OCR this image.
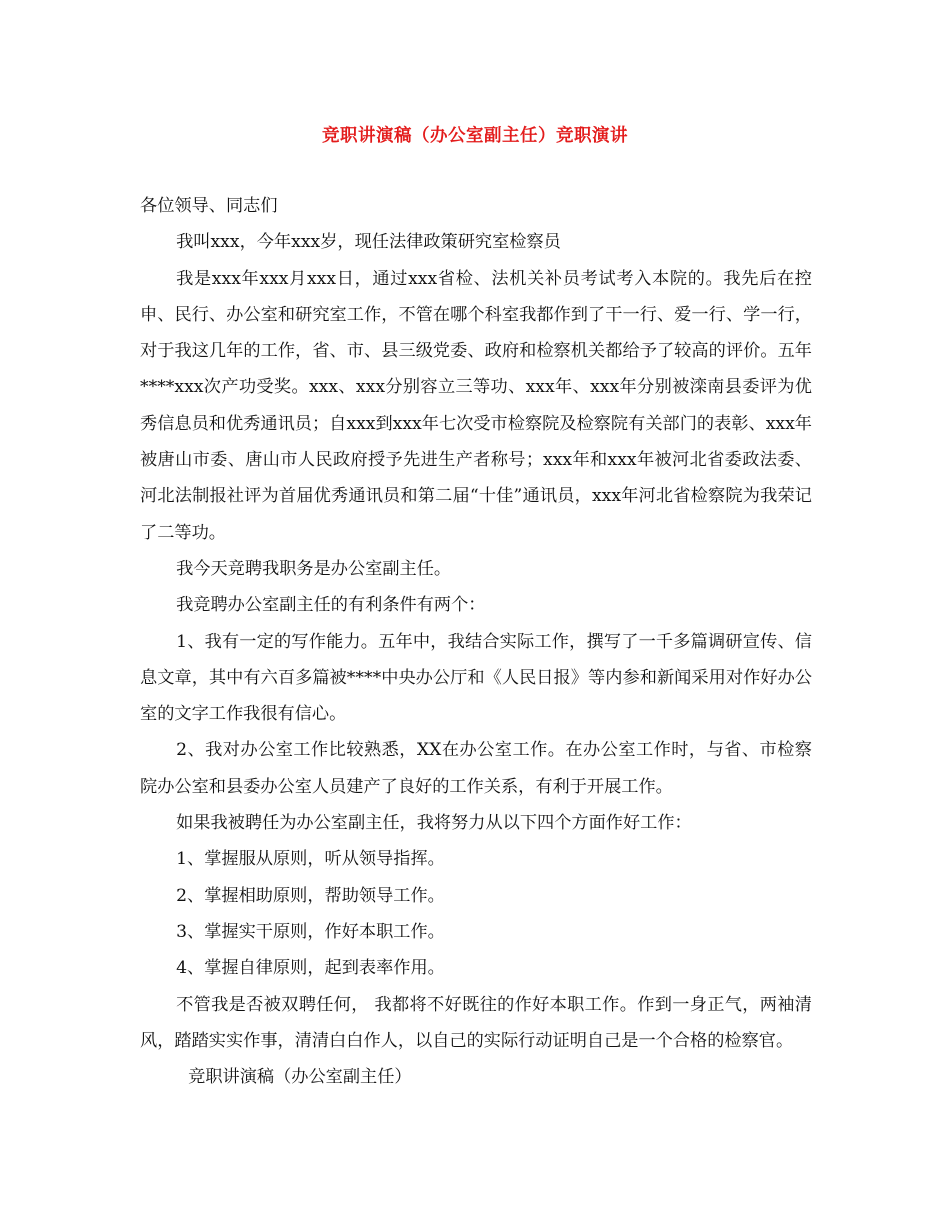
竞职讲演稿（办公室副主任）竞职演讲

各位领导、同志们

我叫xxx，今年xxx岁，现任法律政策研究室检察员

我是xxx年xxx月xxx日，通过xxx省检、法机关补员考试考入本院的。我先后在控申、民行、办公室和研究室工作，不管在哪个科室我都作到了干一行、爱一行、学一行，对于我这几年的工作，省、市、县三级党委、政府和检察机关都给予了较高的评价。五年****xxx次产功受奖。xxx、xxx分别容立三等功、xxx年、xxx年分别被滦南县委评为优秀信息员和优秀通讯员；自xxx到xxx年七次受市检察院及检察院有关部门的表彰、xxx年被唐山市委、唐山市人民政府授予先进生产者称号；xxx年和xxx年被河北省委政法委、河北法制报社评为首届优秀通讯员和第二届“十佳”通讯员，xxx年河北省检察院为我荣记了二等功。

我今天竞聘我职务是办公室副主任。

我竞聘办公室副主任的有利条件有两个：

1、我有一定的写作能力。五年中，我结合实际工作，撰写了一千多篇调研宣传、信息文章，其中有六百多篇被****中央办公厅和《人民日报》等内参和新闻采用对作好办公室的文字工作我很有信心。

2、我对办公室工作比较熟悉，XX在办公室工作。在办公室工作时，与省、市检察院办公室和县委办公室人员建产了良好的工作关系，有利于开展工作。

如果我被聘任为办公室副主任，我将努力从以下四个方面作好工作：

1、掌握服从原则，听从领导指挥。

2、掌握相助原则，帮助领导工作。

3、掌握实干原则，作好本职工作。

4、掌握自律原则，起到表率作用。

不管我是否被双聘任何， 我都将不好既往的作好本职工作。作到一身正气，两袖清风，踏踏实实作事，清清白白作人，以自己的实际行动证明自己是一个合格的检察官。

竞职讲演稿（办公室副主任）
